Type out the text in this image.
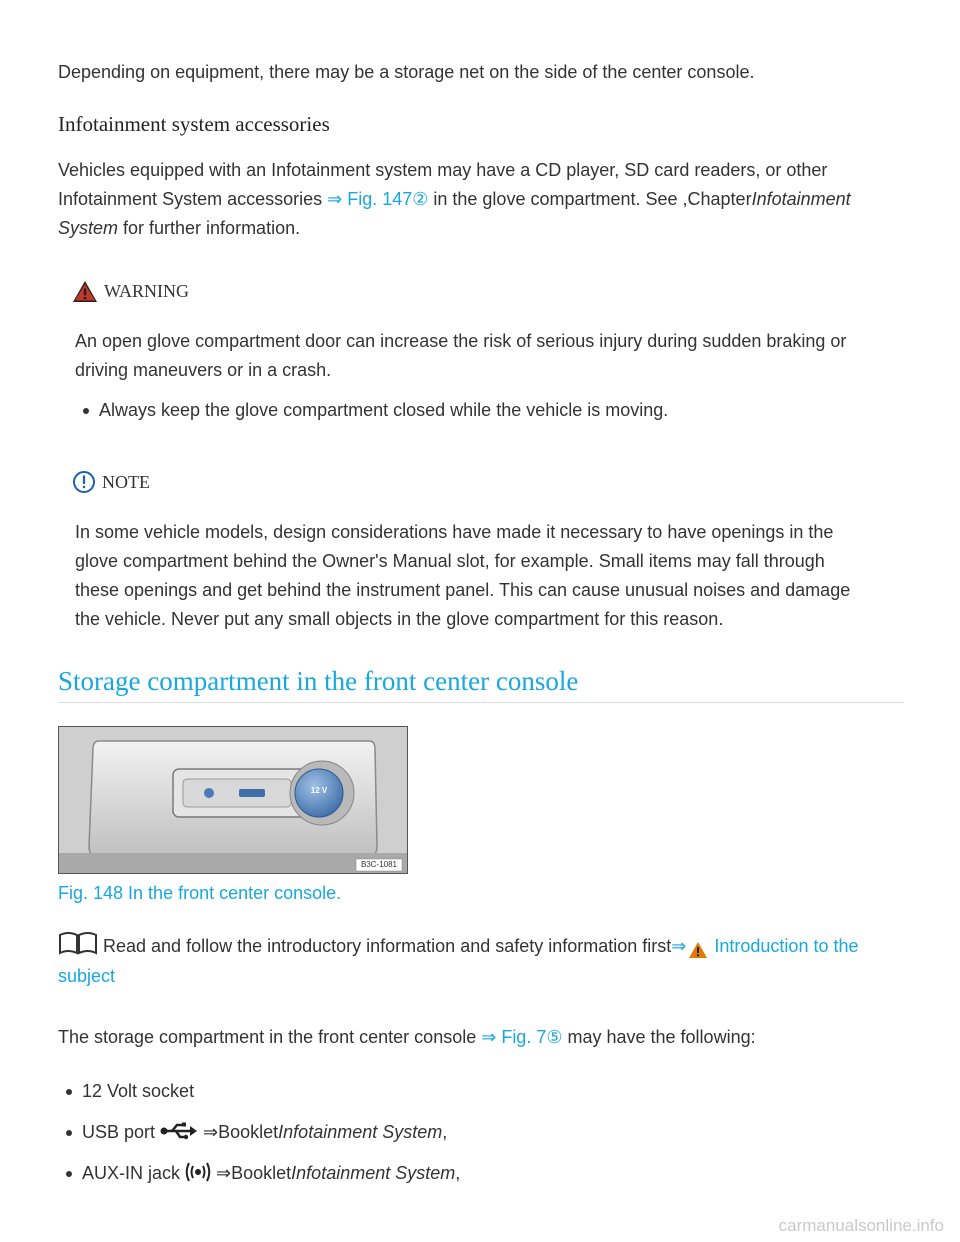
Depending on equipment, there may be a storage net on the side of the center console.

Infotainment system accessories

Vehicles equipped with an Infotainment system may have a CD player, SD card readers, or other

Infotainment System accessories ⇒ Fig. 147② in the glove compartment. See ,ChapterInfotainment

System for further information.

WARNING

An open glove compartment door can increase the risk of serious injury during sudden braking or

driving maneuvers or in a crash.

Always keep the glove compartment closed while the vehicle is moving.
NOTE

In some vehicle models, design considerations have made it necessary to have openings in the

glove compartment behind the Owner's Manual slot, for example. Small items may fall through

these openings and get behind the instrument panel. This can cause unusual noises and damage

the vehicle. Never put any small objects in the glove compartment for this reason.

Storage compartment in the front center console
12 V
B3C-1081

Fig. 148 In the front center console.

Read and follow the introductory information and safety information first⇒ Introduction to the

subject

The storage compartment in the front center console ⇒ Fig. 7⑤ may have the following:

12 Volt socket
USB port  ⇒BookletInfotainment System,
AUX-IN jack  ⇒BookletInfotainment System,
carmanualsonline.info
